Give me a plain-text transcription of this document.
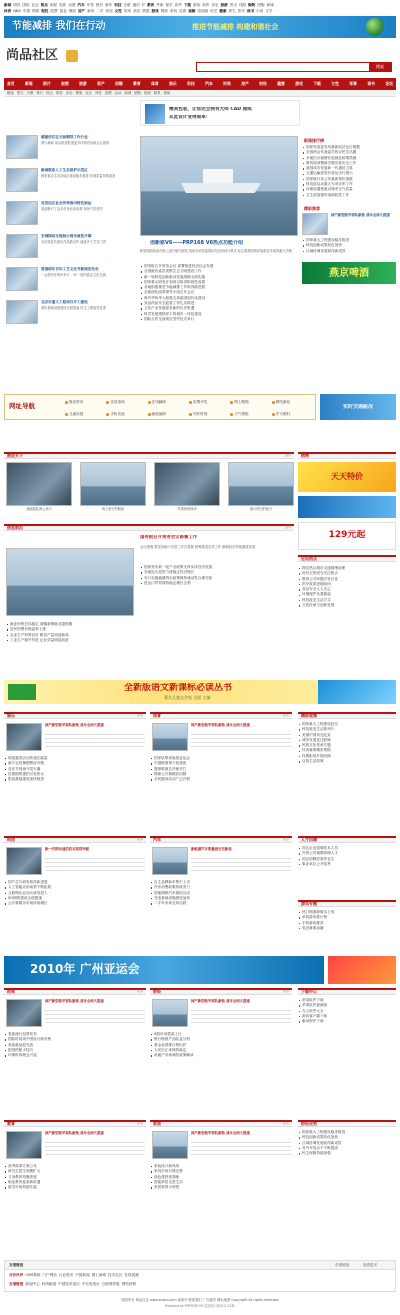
新闻 国内 国际 社会 娱乐 明星 电影 动漫 汽车 车型 报价 新车 科技 互联 通信 IT 教育 考研 留学 高考 下载 游戏 软件 音乐 旅游 景点 线路 购物 团购 商城
体育 NBA 中超 网球 财经 股票 基金 理财 房产 新房 二手 家居 女性 时尚 美容 情感 游戏 网游 单机 页游 视频 电视剧 综艺 健康 养生 医疗 读书 小说 文学
节能减排 我们在行动	推进节能减排 构建和谐社会
尚品社区
搜索
首页	新闻	图片	视频	旅游	资产	招聘	教育	体育	娱乐	科技	汽车	时尚	房产	财经	健康	游戏	下载	女性	军事	读书	论坛
精选 图文 专题 排行 热点 推荐 评论 博客 社区 问答 投票 活动 商城 团购 招商 联系 帮助
精美包装，让您完全拥有大师 CAD 图纸
从此设计变得简单！
感谢你们在石油钢铁工作行业
图片新闻 前沿科技报道更多详细内容请点击查看
新闻联系人工生态保护示范区
国家重点生态功能区建设稳步推进 环境质量持续改善
吴世法在社会各界推出特色展品
展品吸引了众多市民前来参观 现场气氛热烈
宏城网站交流展示周年展览开幕
本次展览共展出作品数百件 涵盖多个艺术门类
香港明年百年工艺文化节新闻发布会
一会展布在明年举行 一年一度的盛会文化交流
北京市重大工程项目开工建设
城市基础设施建设全面提速 民生工程成效显著
创新驱V6——PRP168 V6热点功能介绍
新型船舶装备在海上进行航行测试 装备各项性能指标均达到设计要求 标志着我国海洋装备技术取得重大突破
国务院召开常务会议 部署推进经济社会发展
全国政协委员视察生态文明建设工作
新一轮科技创新驱动发展战略全面实施
国家重点研发计划项目取得阶段性成果
各地积极推进节能减排工作取得新进展
全面深化改革领导小组召开会议
海外华侨华人积极支持祖国现代化建设
食品药品安全监管工作扎实推进
文化产业发展迎来新的历史机遇
科学发展观指导下的城乡一体化建设
国际合作交流项目签约仪式举行
新闻排行榜
国家发改委发布最新经济运行数据
全国两会代表委员热议民生话题
多地出台稳增长促就业政策措施
教育部部署新学期学校安全工作
我国成功发射新一代通信卫星
交通运输部发布春运出行提示
国家统计局公布最新物价指数
科技部启动重大专项评审工作
环保部通报重点城市空气质量
卫生部加强传染病防控工作
精彩推荐
国产新型装甲部队新装 战车全面大提速
国家重大工程建设稳步推进
科技创新成果转化加快
区域协调发展取得新成效
燕京啤酒
网址导航
娱乐资讯	实用查询	在线翻译	彩票开奖	网上购物	网络游戏
儿童乐园	手机充值	邮政编码	列车时刻	天气预报	学习资料
实时交通路况
图说天下	更多
战舰编队海上演习	海上航行的舰船	军事演练现场	港口停泊的船只
购物
天天特价
129元起
信息前沿	更多
国务院召开常务会议部署工作
会议强调 要坚持稳中求进工作总基调 统筹推进各项工作 确保经济持续健康发展
国家发布新一轮产业政策支持实体经济发展
各地加大投资力度稳定经济增长
央行实施稳健货币政策保持流动性合理充裕
进出口贸易保持稳定增长态势
就业形势总体稳定 城镇新增就业超预期
居民消费价格温和上涨
农业生产形势良好 粮食产量再创新高
工业生产稳中有进 企业效益明显改善
论坛热点
网友热议城市交通拥堵治理
房价走势成为关注焦点
教育公平问题引发讨论
医疗改革进展如何
食品安全人人关心
环境保护从我做起
科技改变生活方式
文化传承与创新发展
全新版语文新课标必读丛书
著名儿童文学家 全面 主编
娱乐	更多
国产新型装甲部队新装 战车全面大提速
明星慈善活动传递正能量
新片定档暑期票房可期
音乐节现场气氛火爆
经典剧集重拍引发热议
影视基地建设加快推进
体育	更多
国产新型装甲部队新装 战车全面大提速
国家队集训备战亚运会
中超联赛第十轮战报
篮球联赛总决赛开打
网球公开赛精彩回顾
全民健身活动广泛开展
科技	更多
新一代移动通信技术取得突破
国产芯片研发取得新进展
人工智能应用场景不断拓展
互联网企业加大研发投入
5G网络建设全面提速
云计算服务市场持续增长
汽车	更多
新能源汽车销量创历史新高
自主品牌新车集中上市
汽车消费政策持续发力
智能网联汽车测试启动
充电基础设施建设加快
二手车市场交易活跃
时尚	更多
国产新型装甲部队新装 战车全面大提速
春夏流行趋势发布
国际时装周中国设计师亮相
美妆新品抢先看
配饰搭配小技巧
环保时尚理念兴起
财经	更多
国产新型装甲部队新装 战车全面大提速
A股市场震荡上行
银行理财产品收益分析
基金业绩排行榜出炉
人民币汇率保持稳定
房地产市场调控政策解读
教育	更多
国产新型装甲部队新装 战车全面大提速
高考改革方案公布
研究生招生规模扩大
义务教育均衡发展
职业教育迎来新机遇
留学市场持续升温
家居	更多
国产新型装甲部队新装 战车全面大提速
家装设计新风尚
家具市场行情走势
绿色建材受青睐
智能家居走进生活
家居收纳小妙招
精彩视频
国家重大工程建设纪实
科技改变生活系列片
美丽中国风光纪录
城市发展变迁影像
民族文化传承专题
体育赛事精彩集锦
经典影视片段回顾
百姓生活故事
人才招聘
知名企业招聘技术人员
外资公司诚聘管理人才
国企招聘应届毕业生
事业单位公开招考
游戏专题
热门网游新版本上线
单机游戏排行榜
手机游戏推荐
电竞赛事直播
下载中心
常用软件下载
杀毒软件最新版
办公软件大全
游戏客户端下载
驱动程序下载
财经走势
国家重大工程建设稳步推进
科技创新成果转化加快
区域协调发展取得新成效
对外开放水平不断提高
民生保障持续加强
2010年 广州亚运会
友情链接	申请链接	查看更多
合作伙伴 CMS系统 门户网站 行业资讯 中国新闻 网上商城 技术社区 在线视频
友情链接 新闻中心 时尚频道 中国技术论坛 中央电视台 互联网导航 网络营销
版权所有 尚品社区 www.shpco.com 备案号 联系我们 广告服务 网站地图 Copyright All rights reserved
Powered by PHPCMS V9 页面执行时间 0.12秒
